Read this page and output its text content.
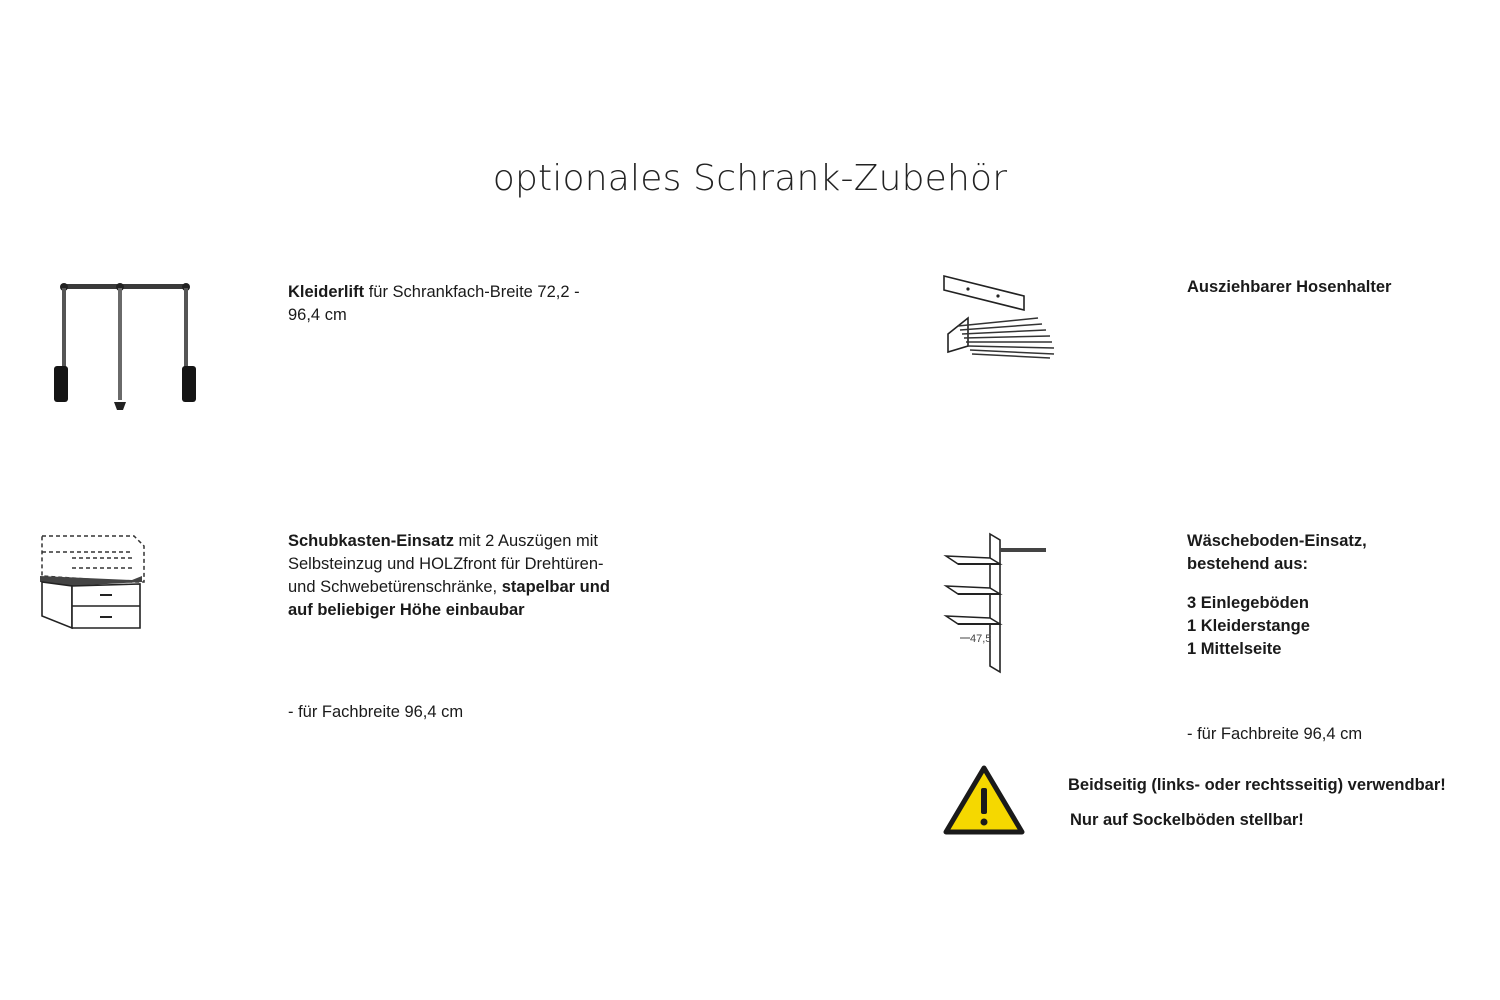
optionales Schrank-Zubehör
Kleiderlift für Schrankfach-Breite 72,2 -
96,4 cm
Ausziehbarer Hosenhalter
Schubkasten-Einsatz mit 2 Auszügen mit
Selbsteinzug und HOLZfront für Drehtüren-
und Schwebetürenschränke, stapelbar und
auf beliebiger Höhe einbaubar
- für Fachbreite 96,4 cm
47,5
Wäscheboden-Einsatz,
bestehend aus:
3 Einlegeböden
1 Kleiderstange
1 Mittelseite
- für Fachbreite 96,4 cm
Beidseitig (links- oder rechtsseitig) verwendbar!
Nur auf Sockelböden stellbar!
